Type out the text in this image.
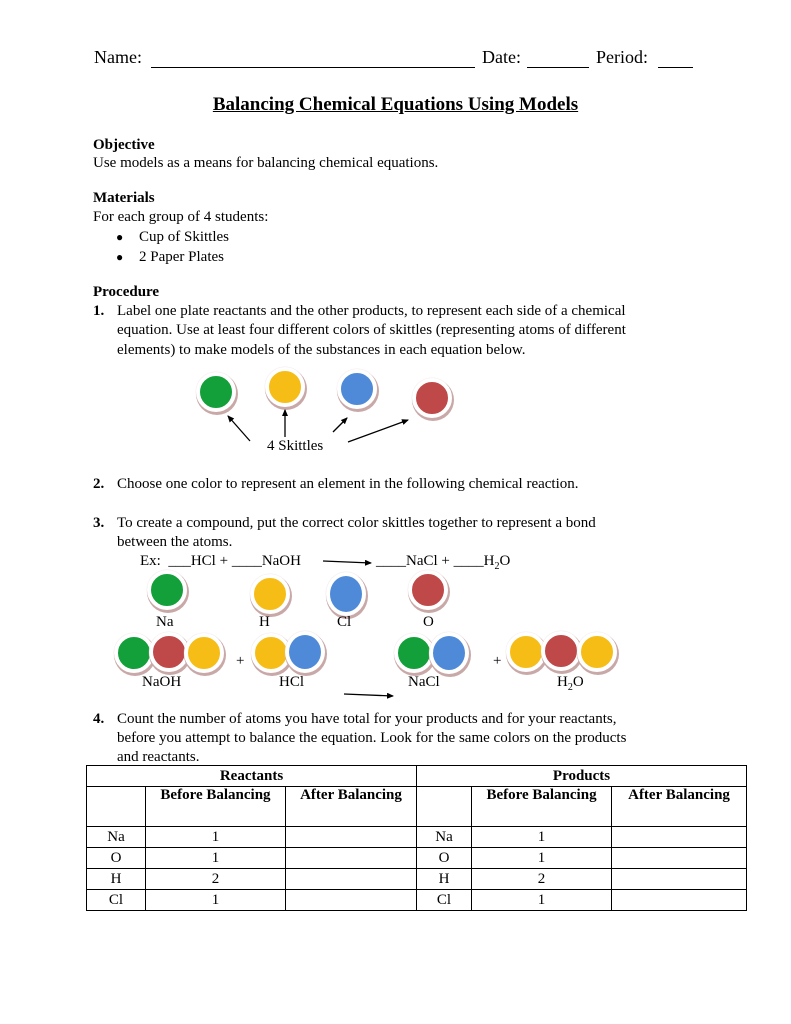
Name:	Date:	Period:
Balancing Chemical Equations Using Models
Objective
Use models as a means for balancing chemical equations.
Materials
For each group of 4 students:
● Cup of Skittles
● 2 Paper Plates
Procedure
1. Label one plate reactants and the other products, to represent each side of a chemical
equation. Use at least four different colors of skittles (representing atoms of different
elements) to make models of the substances in each equation below.
4 Skittles
2. Choose one color to represent an element in the following chemical reaction.
3. To create a compound, put the correct color skittles together to represent a bond
between the atoms.
Ex: ___HCl + ____NaOH	____NaCl + $\_\_\_\_H_2O$
Na	H	Cl	O
NaOH
+
HCl	NaCl
+
$H_2O$
4. Count the number of atoms you have total for your products and for your reactants,
before you attempt to balance the equation. Look for the same colors on the products
and reactants.
Reactants			Products		
	Before Balancing	After Balancing		Before Balancing	After Balancing
Na	1		Na	1	
O	1		O	1	
H	2		H	2	
Cl	1		Cl	1	
